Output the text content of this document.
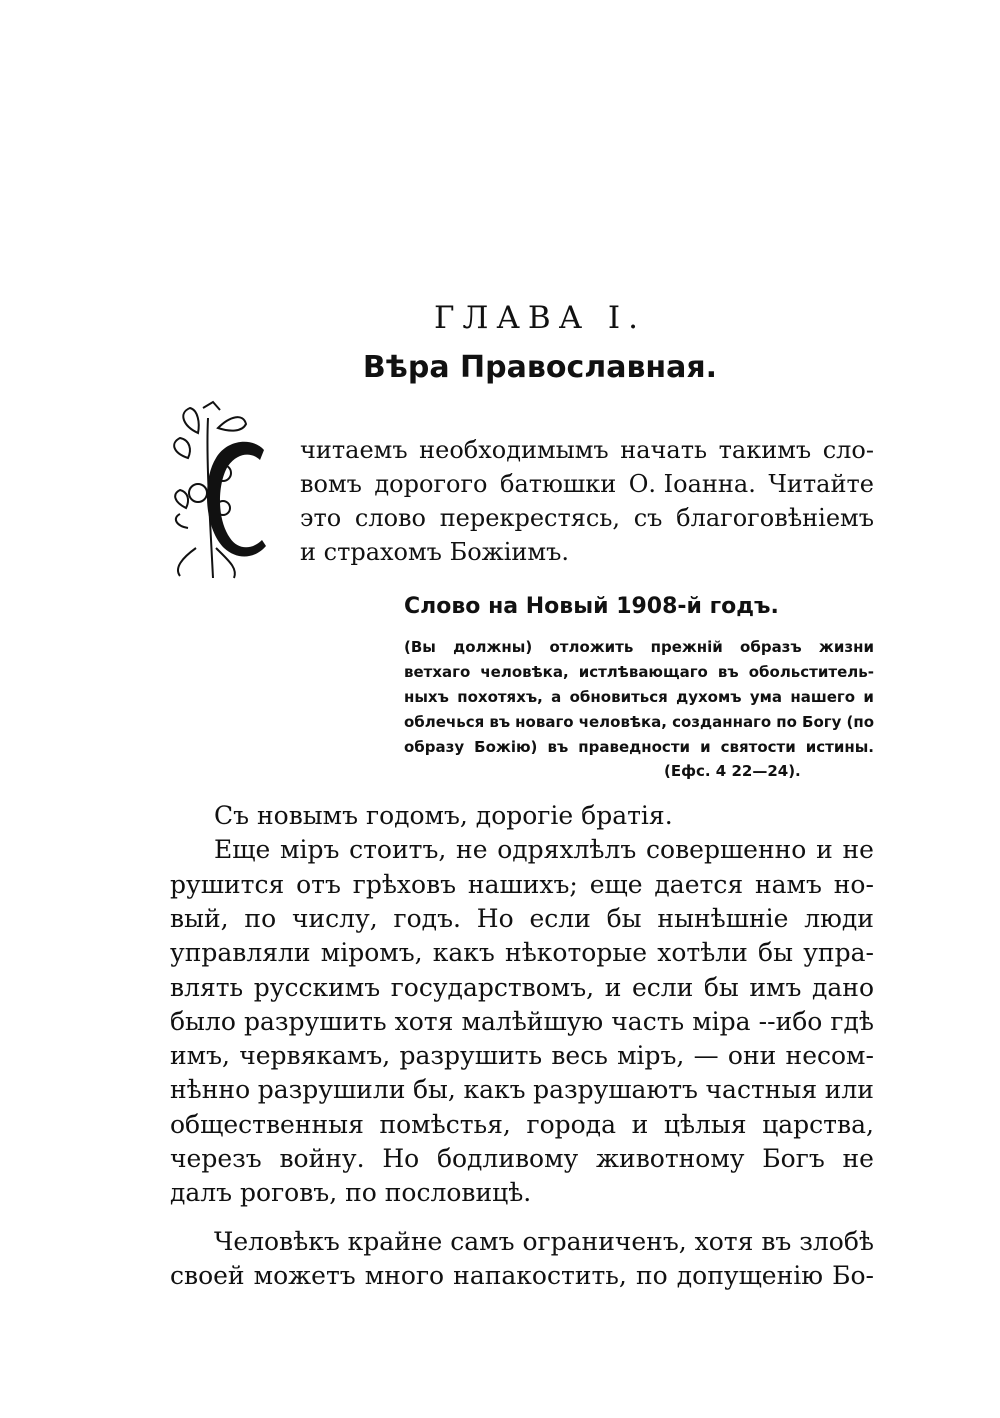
ГЛАВА I.
Вѣра Православная.
читаемъ необходимымъ начать такимъ сло-
вомъ дорогого батюшки О. Іоанна. Читайте
это слово перекрестясь, съ благоговѣніемъ
и страхомъ Божіимъ.
Слово на Новый 1908-й годъ.
(Вы должны) отложить прежній образъ жизни
ветхаго человѣка, истлѣвающаго въ обольститель-
ныхъ похотяхъ, а обновиться духомъ ума нашего и
облечься въ новаго человѣка, созданнаго по Богу (по
образу Божію) въ праведности и святости истины.
(Ефс. 4 22—24).
Съ новымъ годомъ, дорогіе братія.
Еще міръ стоитъ, не одряхлѣлъ совершенно и не
рушится отъ грѣховъ нашихъ; еще дается намъ но-
вый, по числу, годъ. Но если бы нынѣшніе люди
управляли міромъ, какъ нѣкоторые хотѣли бы упра-
влять русскимъ государствомъ, и если бы имъ дано
было разрушить хотя малѣйшую часть міра --ибо гдѣ
имъ, червякамъ, разрушить весь міръ, — они несом-
нѣнно разрушили бы, какъ разрушаютъ частныя или
общественныя помѣстья, города и цѣлыя царства,
черезъ войну. Но бодливому животному Богъ не
далъ роговъ, по пословицѣ.
Человѣкъ крайне самъ ограниченъ, хотя въ злобѣ
своей можетъ много напакостить, по допущенію Бо-
